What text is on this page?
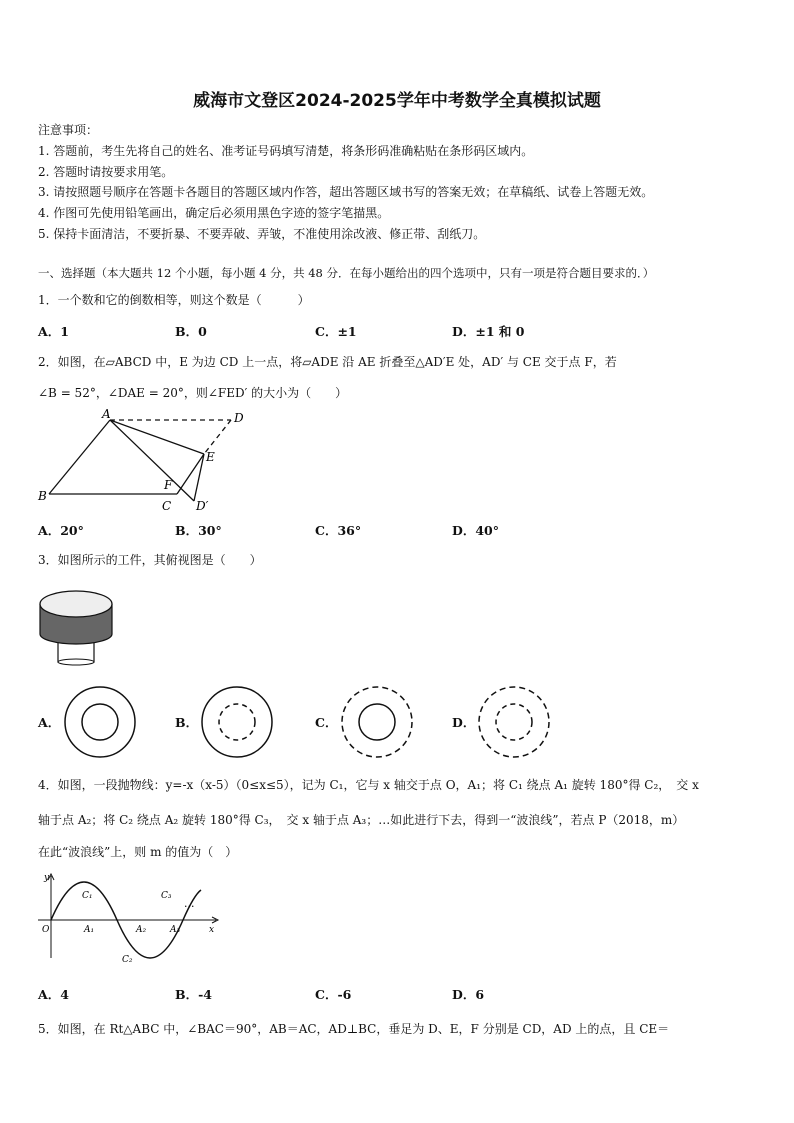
威海市文登区2024-2025学年中考数学全真模拟试题
注意事项：
1. 答题前，考生先将自己的姓名、准考证号码填写清楚，将条形码准确粘贴在条形码区域内。
2. 答题时请按要求用笔。
3. 请按照题号顺序在答题卡各题目的答题区域内作答，超出答题区域书写的答案无效；在草稿纸、试卷上答题无效。
4. 作图可先使用铅笔画出，确定后必须用黑色字迹的签字笔描黑。
5. 保持卡面清洁，不要折暴、不要弄破、弄皱，不准使用涂改液、修正带、刮纸刀。
一、选择题（本大题共 12 个小题，每小题 4 分，共 48 分．在每小题给出的四个选项中，只有一项是符合题目要求的．）
1．一个数和它的倒数相等，则这个数是（　　　）
A．1	B．0	C．±1	D．±1 和 0
2．如图，在▱ABCD 中，E 为边 CD 上一点，将▱ADE 沿 AE 折叠至△AD′E 处，AD′ 与 CE 交于点 F，若
∠B = 52°，∠DAE = 20°，则∠FED′ 的大小为（　　）
A	D
E
B
F
C D′
A．20°	B．30°	C．36°	D．40°
3．如图所示的工件，其俯视图是（　　）
A．	B．	C．	D．
4．如图，一段抛物线：y=-x（x-5）（0≤x≤5），记为 C₁，它与 x 轴交于点 O，A₁；将 C₁ 绕点 A₁ 旋转 180°得 C₂，　交 x
轴于点 A₂；将 C₂ 绕点 A₂ 旋转 180°得 C₃，　交 x 轴于点 A₃；…如此进行下去，得到一“波浪线”，若点 P（2018，m）
在此“波浪线”上，则 m 的值为（　）
y
x
O	A₁	A₂	A₃
C₁
C₂
C₃
···
A．4	B．-4	C．-6	D．6
5．如图，在 Rt△ABC 中，∠BAC＝90°，AB＝AC，AD⊥BC，垂足为 D、E，F 分别是 CD，AD 上的点，且 CE＝
